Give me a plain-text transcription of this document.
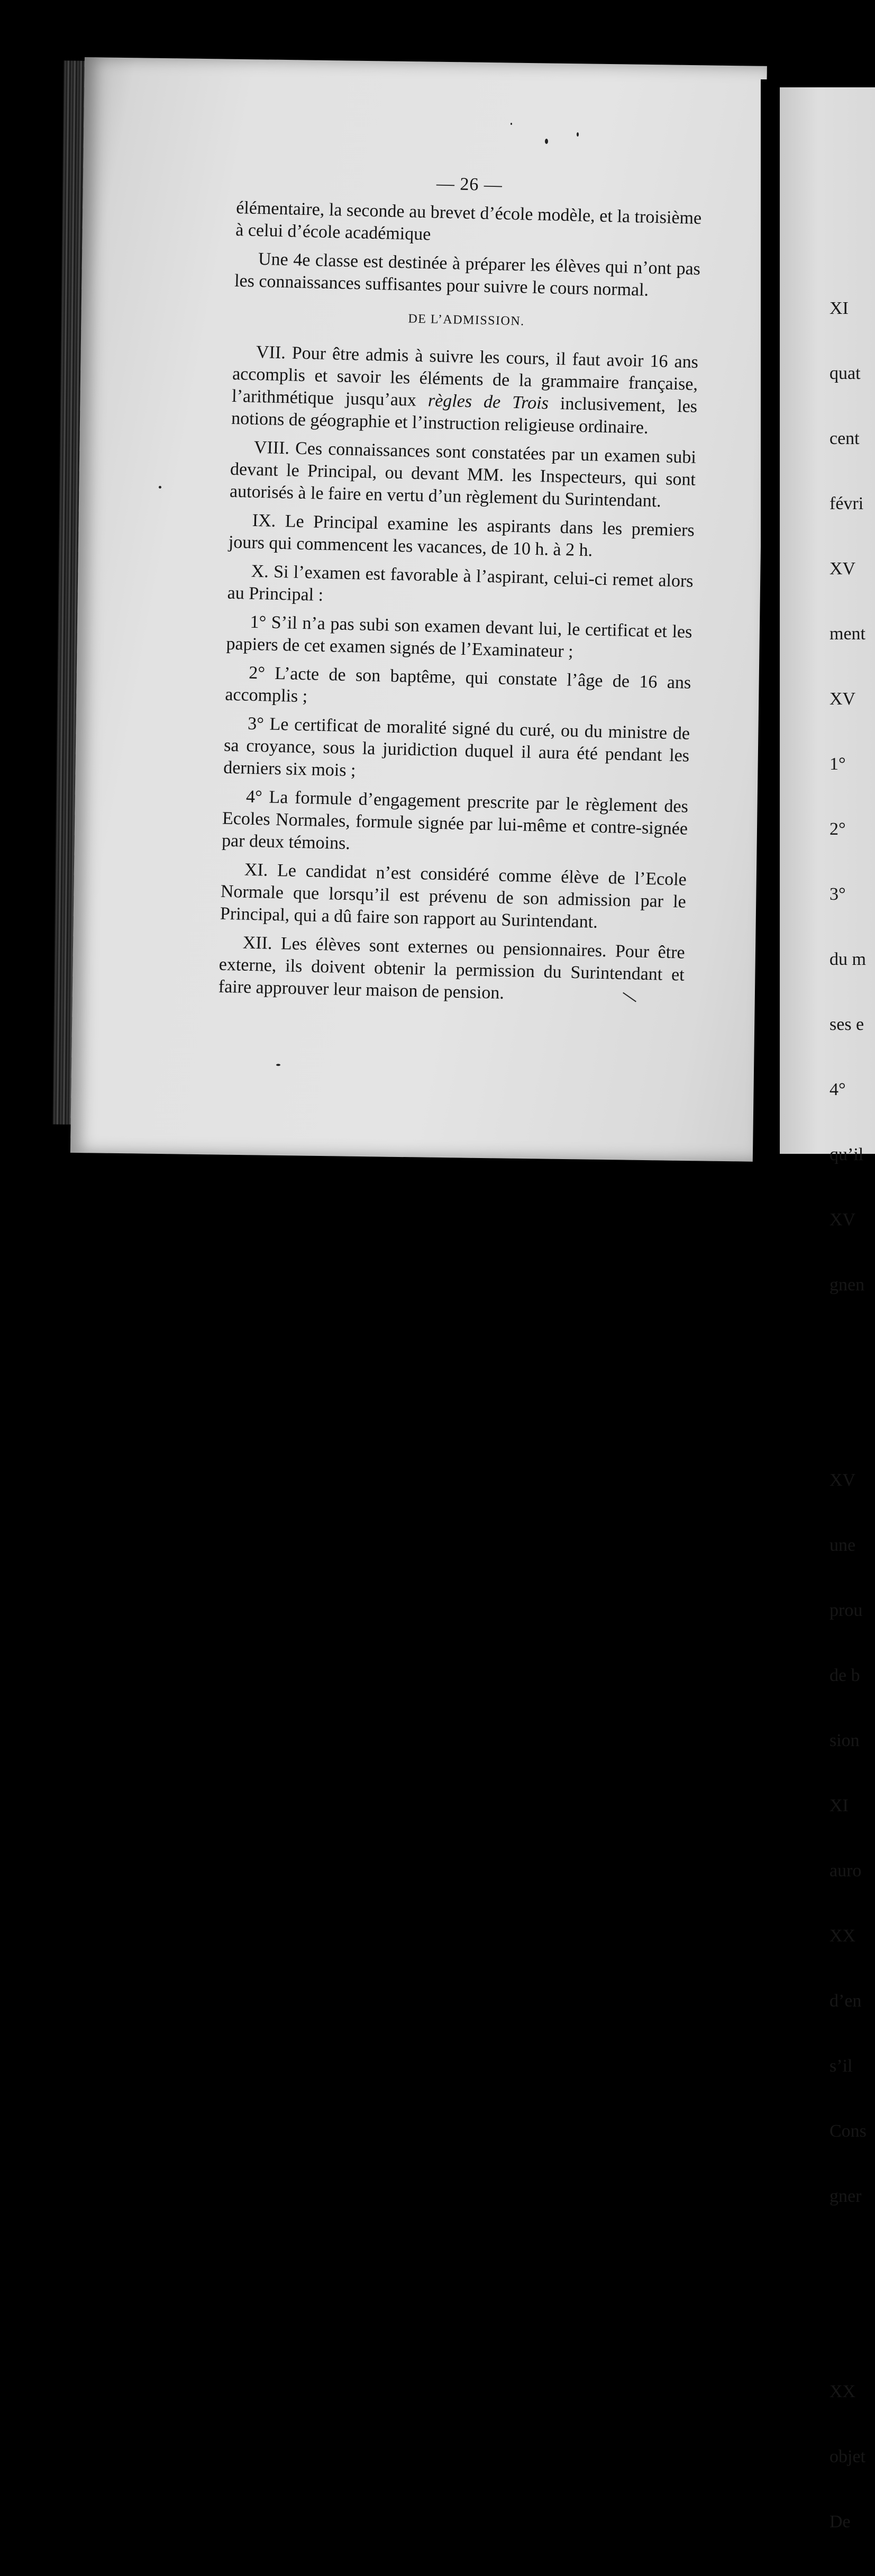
XI

quat

cent

févri

XV

ment

XV

1°

2°

3°

du m

ses e

4°

qu’il

XV

gnen

XV

une

prou

de b

sion

XI

auro

XX

d’en

s’il

Cons

gner

XX

objet

De

— 26 —

élémentaire, la seconde au brevet d’école modèle, et la troisième à celui d’école académique

Une 4e classe est destinée à préparer les élèves qui n’ont pas les connaissances suffisantes pour suivre le cours normal.

DE L’ADMISSION.

VII. Pour être admis à suivre les cours, il faut avoir 16 ans accomplis et savoir les éléments de la grammaire française, l’arithmétique jusqu’aux règles de Trois inclusivement, les notions de géographie et l’instruction religieuse ordinaire.

VIII. Ces connaissances sont constatées par un examen subi devant le Principal, ou devant MM. les Inspecteurs, qui sont autorisés à le faire en vertu d’un règlement du Surintendant.

IX. Le Principal examine les aspirants dans les premiers jours qui commencent les vacances, de 10 h. à 2 h.

X. Si l’examen est favorable à l’aspirant, celui-ci remet alors au Principal :

1° S’il n’a pas subi son examen devant lui, le certificat et les papiers de cet examen signés de l’Examinateur ;

2° L’acte de son baptême, qui constate l’âge de 16 ans accomplis ;

3° Le certificat de moralité signé du curé, ou du ministre de sa croyance, sous la juridiction duquel il aura été pendant les derniers six mois ;

4° La formule d’engagement prescrite par le règlement des Ecoles Normales, formule signée par lui-même et contre-signée par deux témoins.

XI. Le candidat n’est considéré comme élève de l’Ecole Normale que lorsqu’il est prévenu de son admission par le Principal, qui a dû faire son rapport au Surintendant.

XII. Les élèves sont externes ou pensionnaires. Pour être externe, ils doivent obtenir la permission du Surintendant et faire approuver leur maison de pension.
